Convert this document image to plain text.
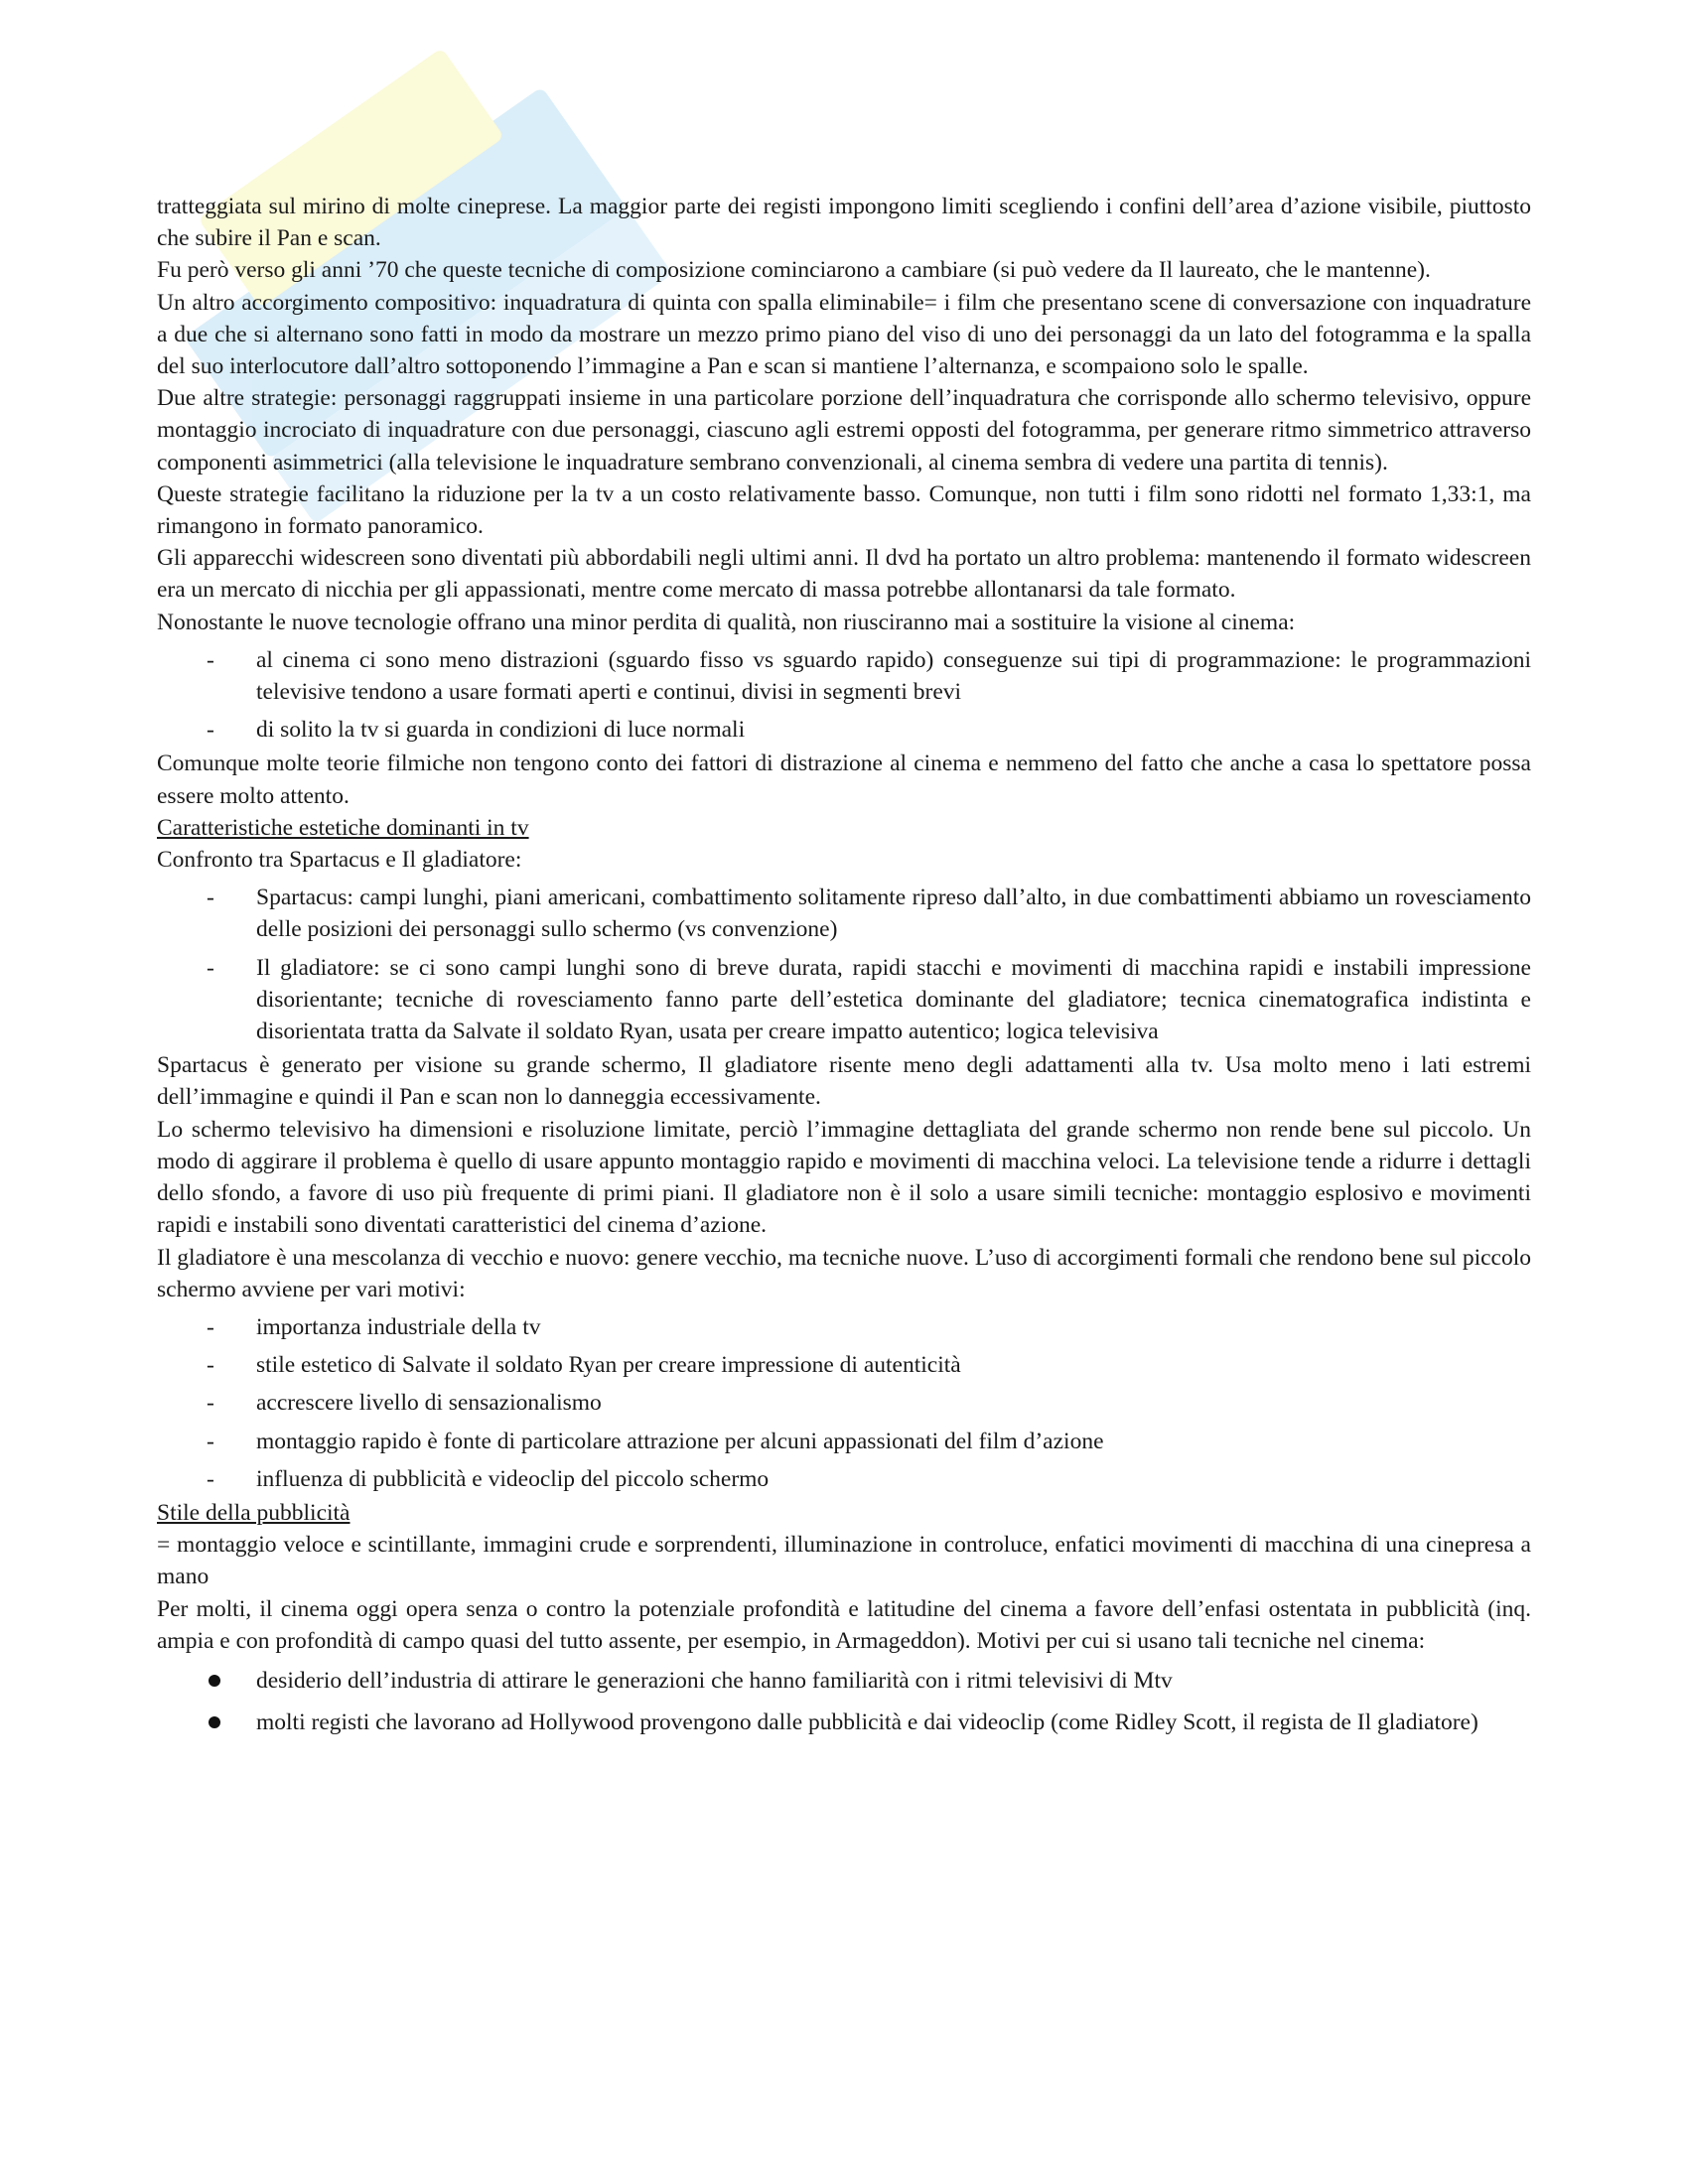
tratteggiata sul mirino di molte cineprese. La maggior parte dei registi impongono limiti scegliendo i confini dell’area d’azione visibile, piuttosto che subire il Pan e scan.

Fu però verso gli anni ’70 che queste tecniche di composizione cominciarono a cambiare (si può vedere da Il laureato, che le mantenne).

Un altro accorgimento compositivo: inquadratura di quinta con spalla eliminabile= i film che presentano scene di conversazione con inquadrature a due che si alternano sono fatti in modo da mostrare un mezzo primo piano del viso di uno dei personaggi da un lato del fotogramma e la spalla del suo interlocutore dall’altro sottoponendo l’immagine a Pan e scan si mantiene l’alternanza, e scompaiono solo le spalle.

Due altre strategie: personaggi raggruppati insieme in una particolare porzione dell’inquadratura che corrisponde allo schermo televisivo, oppure montaggio incrociato di inquadrature con due personaggi, ciascuno agli estremi opposti del fotogramma, per generare ritmo simmetrico attraverso componenti asimmetrici (alla televisione le inquadrature sembrano convenzionali, al cinema sembra di vedere una partita di tennis).

Queste strategie facilitano la riduzione per la tv a un costo relativamente basso. Comunque, non tutti i film sono ridotti nel formato 1,33:1, ma rimangono in formato panoramico.

Gli apparecchi widescreen sono diventati più abbordabili negli ultimi anni. Il dvd ha portato un altro problema: mantenendo il formato widescreen era un mercato di nicchia per gli appassionati, mentre come mercato di massa potrebbe allontanarsi da tale formato.

Nonostante le nuove tecnologie offrano una minor perdita di qualità, non riusciranno mai a sostituire la visione al cinema:

-
al cinema ci sono meno distrazioni (sguardo fisso vs sguardo rapido) conseguenze sui tipi di programmazione: le programmazioni televisive tendono a usare formati aperti e continui, divisi in segmenti brevi
-
di solito la tv si guarda in condizioni di luce normali

Comunque molte teorie filmiche non tengono conto dei fattori di distrazione al cinema e nemmeno del fatto che anche a casa lo spettatore possa essere molto attento.

Caratteristiche estetiche dominanti in tv

Confronto tra Spartacus e Il gladiatore:

-
Spartacus: campi lunghi, piani americani, combattimento solitamente ripreso dall’alto, in due combattimenti abbiamo un rovesciamento delle posizioni dei personaggi sullo schermo (vs convenzione)
-
Il gladiatore: se ci sono campi lunghi sono di breve durata, rapidi stacchi e movimenti di macchina rapidi e instabili impressione disorientante; tecniche di rovesciamento fanno parte dell’estetica dominante del gladiatore; tecnica cinematografica indistinta e disorientata tratta da Salvate il soldato Ryan, usata per creare impatto autentico; logica televisiva

Spartacus è generato per visione su grande schermo, Il gladiatore risente meno degli adattamenti alla tv. Usa molto meno i lati estremi dell’immagine e quindi il Pan e scan non lo danneggia eccessivamente.

Lo schermo televisivo ha dimensioni e risoluzione limitate, perciò l’immagine dettagliata del grande schermo non rende bene sul piccolo. Un modo di aggirare il problema è quello di usare appunto montaggio rapido e movimenti di macchina veloci. La televisione tende a ridurre i dettagli dello sfondo, a favore di uso più frequente di primi piani. Il gladiatore non è il solo a usare simili tecniche: montaggio esplosivo e movimenti rapidi e instabili sono diventati caratteristici del cinema d’azione.

Il gladiatore è una mescolanza di vecchio e nuovo: genere vecchio, ma tecniche nuove. L’uso di accorgimenti formali che rendono bene sul piccolo schermo avviene per vari motivi:

-
importanza industriale della tv
-
stile estetico di Salvate il soldato Ryan per creare impressione di autenticità
-
accrescere livello di sensazionalismo
-
montaggio rapido è fonte di particolare attrazione per alcuni appassionati del film d’azione
-
influenza di pubblicità e videoclip del piccolo schermo

Stile della pubblicità

= montaggio veloce e scintillante, immagini crude e sorprendenti, illuminazione in controluce, enfatici movimenti di macchina di una cinepresa a mano

Per molti, il cinema oggi opera senza o contro la potenziale profondità e latitudine del cinema a favore dell’enfasi ostentata in pubblicità (inq. ampia e con profondità di campo quasi del tutto assente, per esempio, in Armageddon). Motivi per cui si usano tali tecniche nel cinema:

desiderio dell’industria di attirare le generazioni che hanno familiarità con i ritmi televisivi di Mtv
molti registi che lavorano ad Hollywood provengono dalle pubblicità e dai videoclip (come Ridley Scott, il regista de Il gladiatore)
